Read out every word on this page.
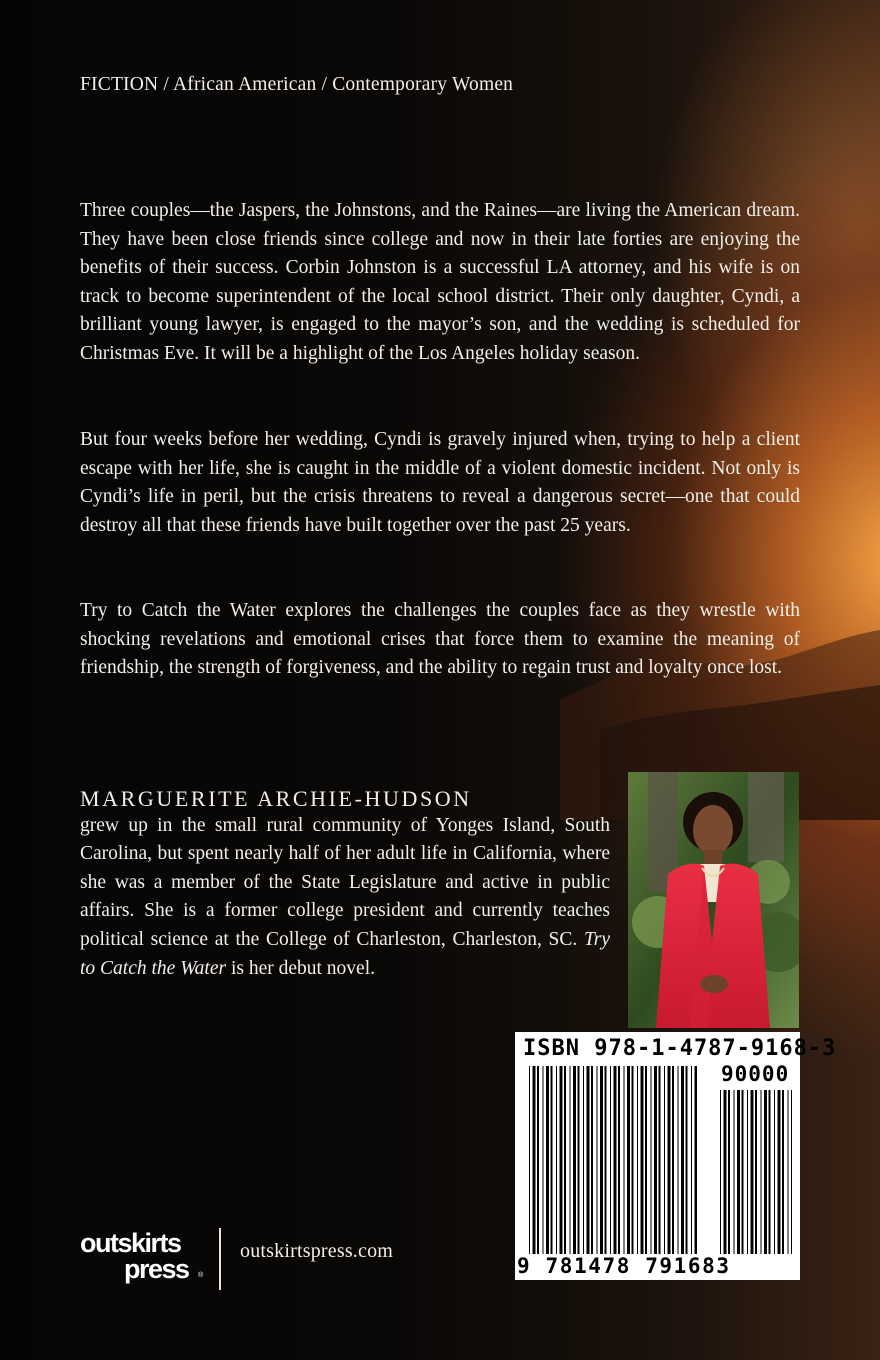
FICTION / African American / Contemporary Women

Three couples—the Jaspers, the Johnstons, and the Raines—are living the American dream. They have been close friends since college and now in their late forties are enjoying the benefits of their success. Corbin Johnston is a successful LA attorney, and his wife is on track to become superintendent of the local school district. Their only daughter, Cyndi, a brilliant young lawyer, is engaged to the mayor’s son, and the wedding is scheduled for Christmas Eve. It will be a highlight of the Los Angeles holiday season.

But four weeks before her wedding, Cyndi is gravely injured when, trying to help a client escape with her life, she is caught in the middle of a violent domestic incident. Not only is Cyndi’s life in peril, but the crisis threatens to reveal a dangerous secret—one that could destroy all that these friends have built together over the past 25 years.

Try to Catch the Water explores the challenges the couples face as they wrestle with shocking revelations and emotional crises that force them to examine the meaning of friendship, the strength of forgiveness, and the ability to regain trust and loyalty once lost.

MARGUERITE ARCHIE-HUDSON
grew up in the small rural community of Yonges Island, South Carolina, but spent nearly half of her adult life in California, where she was a member of the State Legislature and active in public affairs. She is a former college president and currently teaches political science at the College of Charleston, Charleston, SC. Try to Catch the Water is her debut novel.
ISBN 978-1-4787-9168-3
90000
9 781478 791683
outskirts
press ®
outskirtspress.com
